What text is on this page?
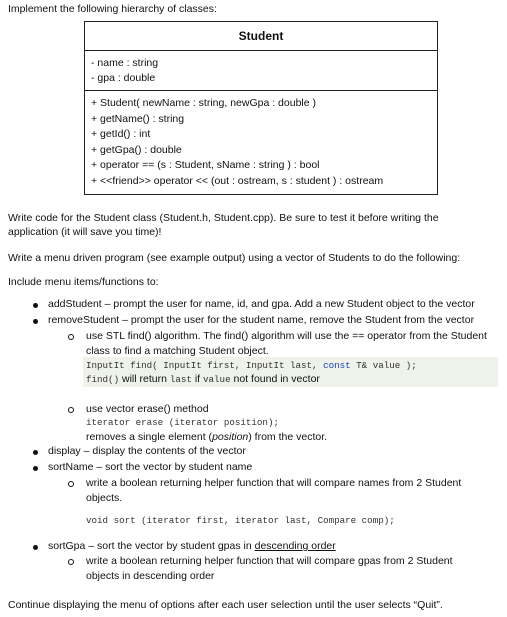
Implement the following hierarchy of classes:
Student
- name : string
- gpa : double
+ Student( newName : string, newGpa : double )
+ getName() : string
+ getId() : int
+ getGpa() : double
+ operator == (s : Student, sName : string ) : bool
+ <<friend>> operator << (out : ostream, s : student ) : ostream
Write code for the Student class (Student.h, Student.cpp). Be sure to test it before writing the
application (it will save you time)!
Write a menu driven program (see example output) using a vector of Students to do the following:
Include menu items/functions to:
addStudent – prompt the user for name, id, and gpa. Add a new Student object to the vector
removeStudent – prompt the user for the student name, remove the Student from the vector
use STL find() algorithm. The find() algorithm will use the == operator from the Student
class to find a matching Student object.
InputIt find( InputIt first, InputIt last, const T& value );
find() will return last if value not found in vector
use vector erase() method
iterator erase (iterator position);
removes a single element (position) from the vector.
display – display the contents of the vector
sortName – sort the vector by student name
write a boolean returning helper function that will compare names from 2 Student
objects.
void sort (iterator first, iterator last, Compare comp);
sortGpa – sort the vector by student gpas in descending order
write a boolean returning helper function that will compare gpas from 2 Student
objects in descending order
Continue displaying the menu of options after each user selection until the user selects “Quit”.
